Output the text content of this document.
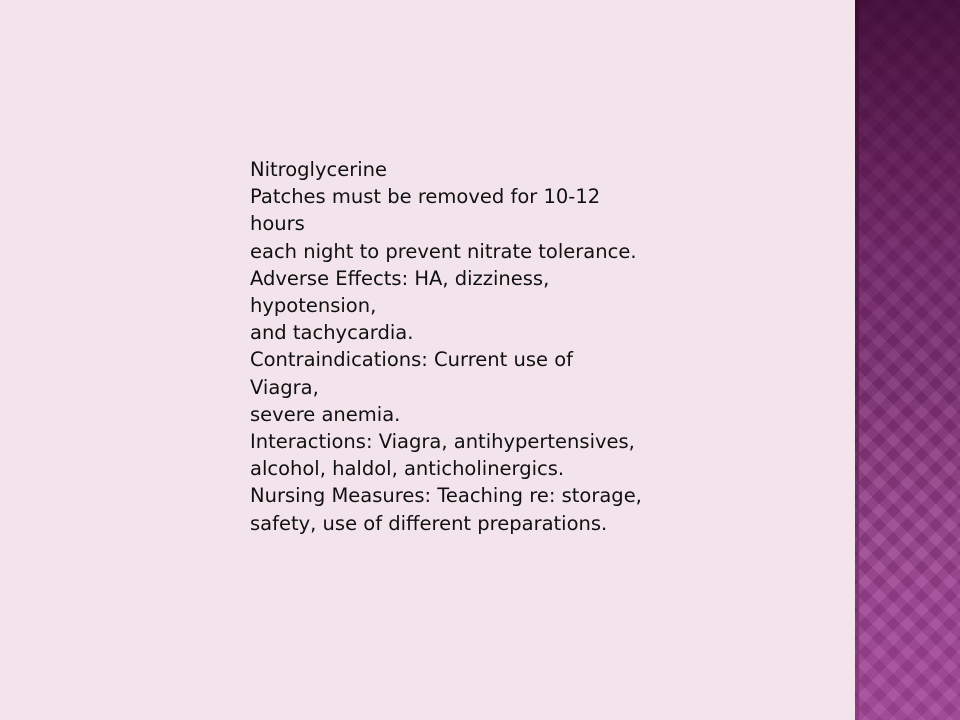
Nitroglycerine
Patches must be removed for 10-12
hours
each night to prevent nitrate tolerance.
Adverse Effects: HA, dizziness,
hypotension,
and tachycardia.
Contraindications: Current use of
Viagra,
severe anemia.
Interactions: Viagra, antihypertensives,
alcohol, haldol, anticholinergics.
Nursing Measures: Teaching re: storage,
safety, use of different preparations.
